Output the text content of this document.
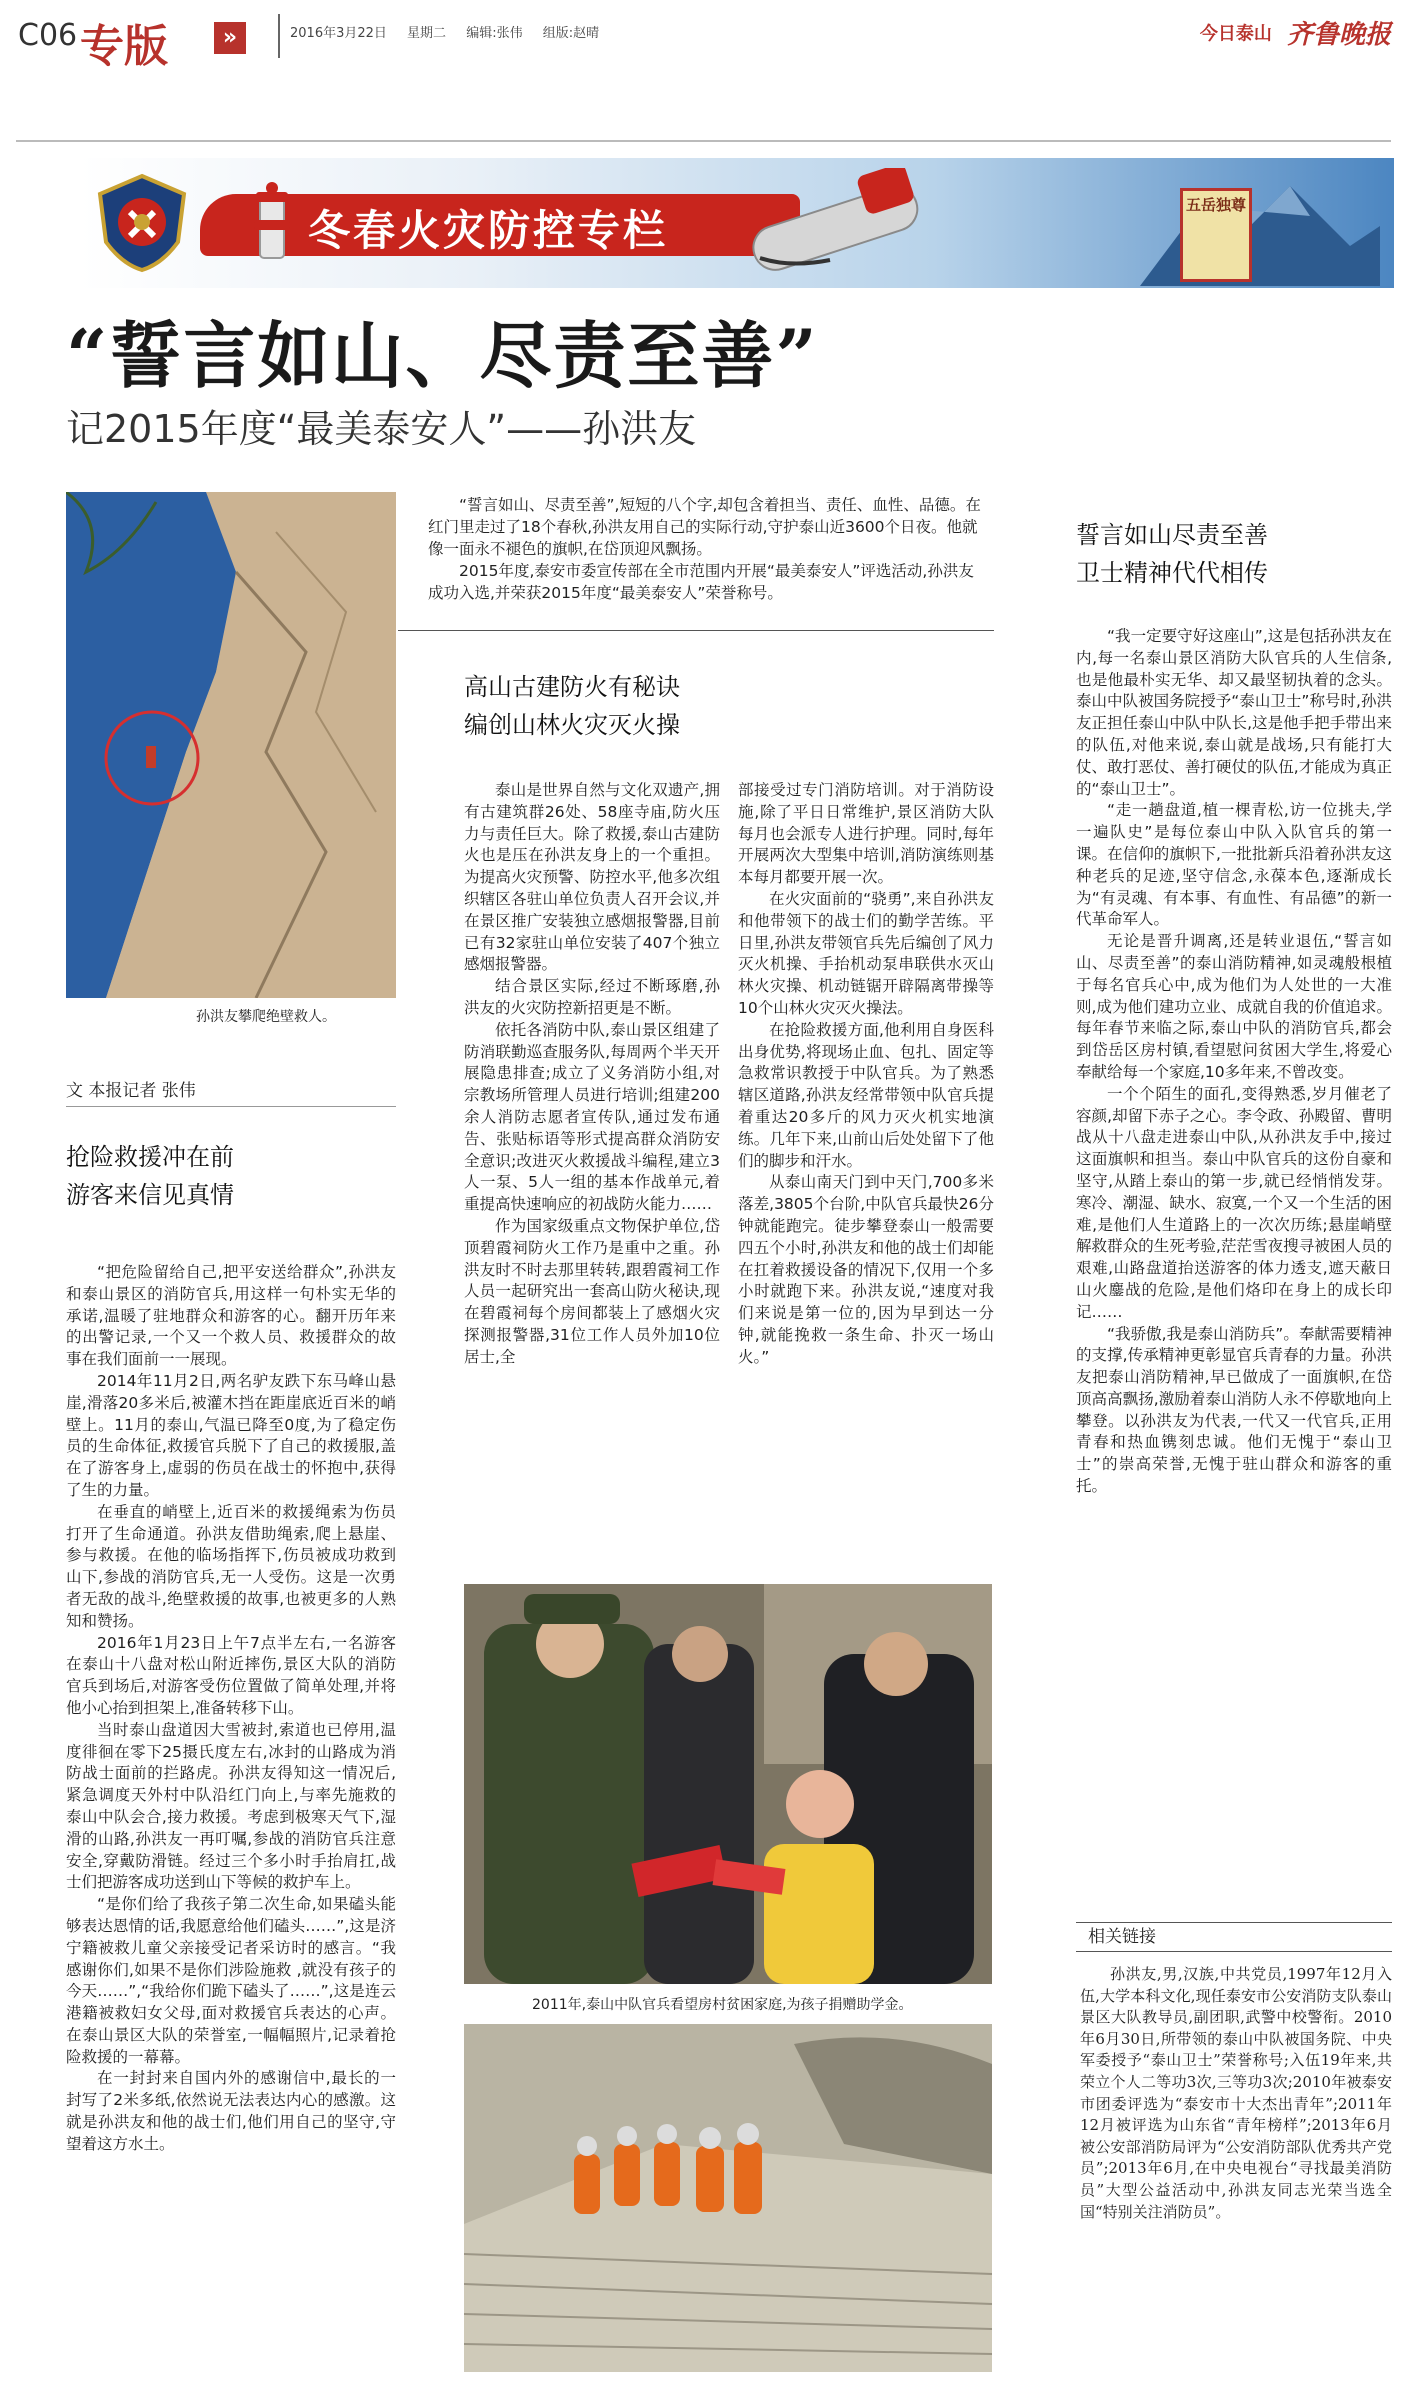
C06 专版	»	2016年3月22日 星期二 编辑:张伟 组版:赵晴	今日泰山 齐鲁晚报
冬春火灾防控专栏
五岳独尊
“誓言如山、尽责至善”
记2015年度“最美泰安人”——孙洪友
孙洪友攀爬绝壁救人。

“誓言如山、尽责至善”,短短的八个字,却包含着担当、责任、血性、品德。在红门里走过了18个春秋,孙洪友用自己的实际行动,守护泰山近3600个日夜。他就像一面永不褪色的旗帜,在岱顶迎风飘扬。

2015年度,泰安市委宣传部在全市范围内开展“最美泰安人”评选活动,孙洪友成功入选,并荣获2015年度“最美泰安人”荣誉称号。

文 本报记者 张伟
抢险救援冲在前
游客来信见真情

“把危险留给自己,把平安送给群众”,孙洪友和泰山景区的消防官兵,用这样一句朴实无华的承诺,温暖了驻地群众和游客的心。翻开历年来的出警记录,一个又一个救人员、救援群众的故事在我们面前一一展现。

2014年11月2日,两名驴友跌下东马峰山悬崖,滑落20多米后,被灌木挡在距崖底近百米的峭壁上。11月的泰山,气温已降至0度,为了稳定伤员的生命体征,救援官兵脱下了自己的救援服,盖在了游客身上,虚弱的伤员在战士的怀抱中,获得了生的力量。

在垂直的峭壁上,近百米的救援绳索为伤员打开了生命通道。孙洪友借助绳索,爬上悬崖、参与救援。在他的临场指挥下,伤员被成功救到山下,参战的消防官兵,无一人受伤。这是一次勇者无敌的战斗,绝壁救援的故事,也被更多的人熟知和赞扬。

2016年1月23日上午7点半左右,一名游客在泰山十八盘对松山附近摔伤,景区大队的消防官兵到场后,对游客受伤位置做了简单处理,并将他小心抬到担架上,准备转移下山。

当时泰山盘道因大雪被封,索道也已停用,温度徘徊在零下25摄氏度左右,冰封的山路成为消防战士面前的拦路虎。孙洪友得知这一情况后,紧急调度天外村中队沿红门向上,与率先施救的泰山中队会合,接力救援。考虑到极寒天气下,湿滑的山路,孙洪友一再叮嘱,参战的消防官兵注意安全,穿戴防滑链。经过三个多小时手抬肩扛,战士们把游客成功送到山下等候的救护车上。

“是你们给了我孩子第二次生命,如果磕头能够表达恩情的话,我愿意给他们磕头……”,这是济宁籍被救儿童父亲接受记者采访时的感言。“我感谢你们,如果不是你们涉险施救 ,就没有孩子的今天……”,“我给你们跪下磕头了……”,这是连云港籍被救妇女父母,面对救援官兵表达的心声。在泰山景区大队的荣誉室,一幅幅照片,记录着抢险救援的一幕幕。

在一封封来自国内外的感谢信中,最长的一封写了2米多纸,依然说无法表达内心的感激。这就是孙洪友和他的战士们,他们用自己的坚守,守望着这方水土。

高山古建防火有秘诀
编创山林火灾灭火操

泰山是世界自然与文化双遗产,拥有古建筑群26处、58座寺庙,防火压力与责任巨大。除了救援,泰山古建防火也是压在孙洪友身上的一个重担。为提高火灾预警、防控水平,他多次组织辖区各驻山单位负责人召开会议,并在景区推广安装独立感烟报警器,目前已有32家驻山单位安装了407个独立感烟报警器。

结合景区实际,经过不断琢磨,孙洪友的火灾防控新招更是不断。

依托各消防中队,泰山景区组建了防消联勤巡查服务队,每周两个半天开展隐患排查;成立了义务消防小组,对宗教场所管理人员进行培训;组建200余人消防志愿者宣传队,通过发布通告、张贴标语等形式提高群众消防安全意识;改进灭火救援战斗编程,建立3人一泵、5人一组的基本作战单元,着重提高快速响应的初战防火能力……

作为国家级重点文物保护单位,岱顶碧霞祠防火工作乃是重中之重。孙洪友时不时去那里转转,跟碧霞祠工作人员一起研究出一套高山防火秘诀,现在碧霞祠每个房间都装上了感烟火灾探测报警器,31位工作人员外加10位居士,全

部接受过专门消防培训。对于消防设施,除了平日日常维护,景区消防大队每月也会派专人进行护理。同时,每年开展两次大型集中培训,消防演练则基本每月都要开展一次。

在火灾面前的“骁勇”,来自孙洪友和他带领下的战士们的勤学苦练。平日里,孙洪友带领官兵先后编创了风力灭火机操、手抬机动泵串联供水灭山林火灾操、机动链锯开辟隔离带操等10个山林火灾灭火操法。

在抢险救援方面,他利用自身医科出身优势,将现场止血、包扎、固定等急救常识教授于中队官兵。为了熟悉辖区道路,孙洪友经常带领中队官兵提着重达20多斤的风力灭火机实地演练。几年下来,山前山后处处留下了他们的脚步和汗水。

从泰山南天门到中天门,700多米落差,3805个台阶,中队官兵最快26分钟就能跑完。徒步攀登泰山一般需要四五个小时,孙洪友和他的战士们却能在扛着救援设备的情况下,仅用一个多小时就跑下来。孙洪友说,“速度对我们来说是第一位的,因为早到达一分钟,就能挽救一条生命、扑灭一场山火。”

2011年,泰山中队官兵看望房村贫困家庭,为孩子捐赠助学金。
誓言如山尽责至善
卫士精神代代相传

“我一定要守好这座山”,这是包括孙洪友在内,每一名泰山景区消防大队官兵的人生信条,也是他最朴实无华、却又最坚韧执着的念头。泰山中队被国务院授予“泰山卫士”称号时,孙洪友正担任泰山中队中队长,这是他手把手带出来的队伍,对他来说,泰山就是战场,只有能打大仗、敢打恶仗、善打硬仗的队伍,才能成为真正的“泰山卫士”。

“走一趟盘道,植一棵青松,访一位挑夫,学一遍队史”是每位泰山中队入队官兵的第一课。在信仰的旗帜下,一批批新兵沿着孙洪友这种老兵的足迹,坚守信念,永葆本色,逐渐成长为“有灵魂、有本事、有血性、有品德”的新一代革命军人。

无论是晋升调离,还是转业退伍,“誓言如山、尽责至善”的泰山消防精神,如灵魂般根植于每名官兵心中,成为他们为人处世的一大准则,成为他们建功立业、成就自我的价值追求。每年春节来临之际,泰山中队的消防官兵,都会到岱岳区房村镇,看望慰问贫困大学生,将爱心奉献给每一个家庭,10多年来,不曾改变。

一个个陌生的面孔,变得熟悉,岁月催老了容颜,却留下赤子之心。李令政、孙殿留、曹明战从十八盘走进泰山中队,从孙洪友手中,接过这面旗帜和担当。泰山中队官兵的这份自豪和坚守,从踏上泰山的第一步,就已经悄悄发芽。寒冷、潮湿、缺水、寂寞,一个又一个生活的困难,是他们人生道路上的一次次历练;悬崖峭壁解救群众的生死考验,茫茫雪夜搜寻被困人员的艰难,山路盘道抬送游客的体力透支,遮天蔽日山火鏖战的危险,是他们烙印在身上的成长印记……

“我骄傲,我是泰山消防兵”。奉献需要精神的支撑,传承精神更彰显官兵青春的力量。孙洪友把泰山消防精神,早已做成了一面旗帜,在岱顶高高飘扬,激励着泰山消防人永不停歇地向上攀登。以孙洪友为代表,一代又一代官兵,正用青春和热血镌刻忠诚。他们无愧于“泰山卫士”的崇高荣誉,无愧于驻山群众和游客的重托。

相关链接
孙洪友,男,汉族,中共党员,1997年12月入伍,大学本科文化,现任泰安市公安消防支队泰山景区大队教导员,副团职,武警中校警衔。2010年6月30日,所带领的泰山中队被国务院、中央军委授予“泰山卫士”荣誉称号;入伍19年来,共荣立个人二等功3次,三等功3次;2010年被泰安市团委评选为“泰安市十大杰出青年”;2011年12月被评选为山东省“青年榜样”;2013年6月被公安部消防局评为“公安消防部队优秀共产党员”;2013年6月,在中央电视台“寻找最美消防员”大型公益活动中,孙洪友同志光荣当选全国“特别关注消防员”。
